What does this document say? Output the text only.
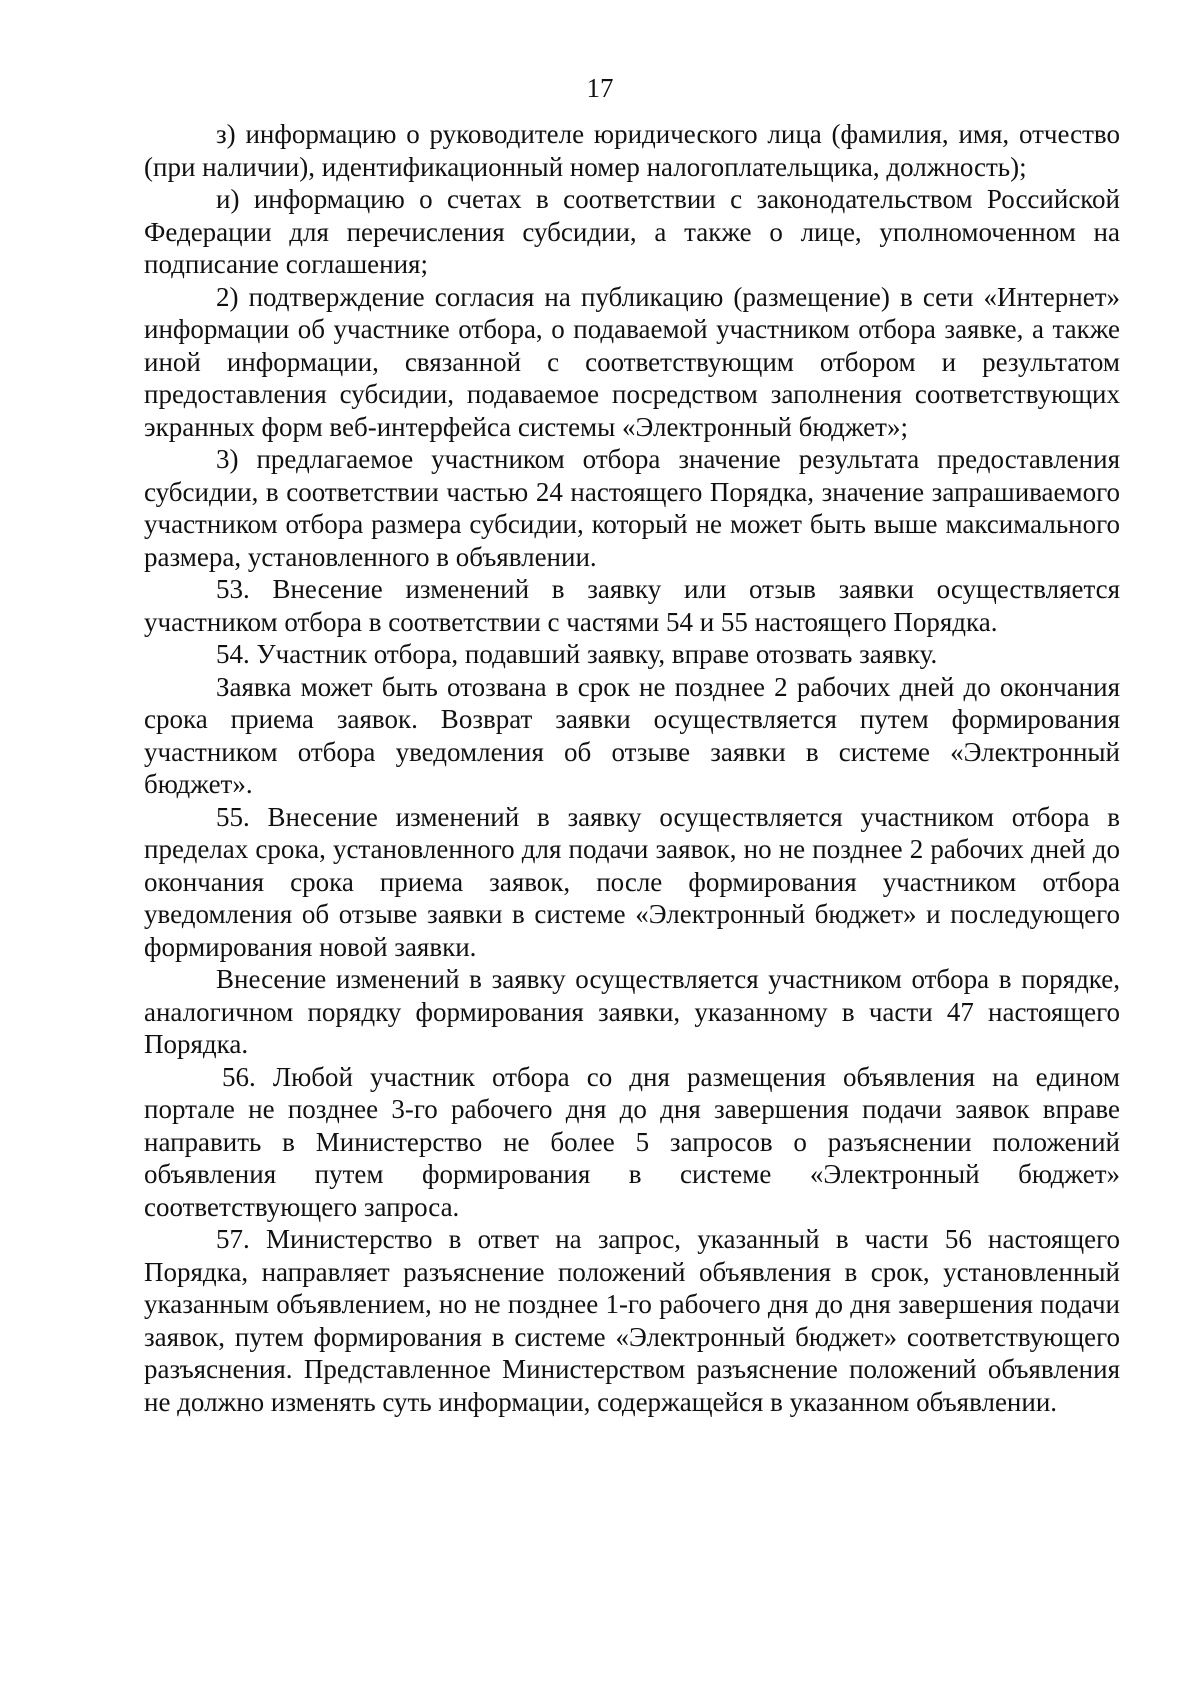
17

з) информацию о руководителе юридического лица (фамилия, имя, отчество (при наличии), идентификационный номер налогоплательщика, должность);

и) информацию о счетах в соответствии с законодательством Российской Федерации для перечисления субсидии, а также о лице, уполномоченном на подписание соглашения;

2) подтверждение согласия на публикацию (размещение) в сети «Интернет» информации об участнике отбора, о подаваемой участником отбора заявке, а также иной информации, связанной с соответствующим отбором и результатом предоставления субсидии, подаваемое посредством заполнения соответствующих экранных форм веб-интерфейса системы «Электронный бюджет»;

3) предлагаемое участником отбора значение результата предоставления субсидии, в соответствии частью 24 настоящего Порядка, значение запрашиваемого участником отбора размера субсидии, который не может быть выше максимального размера, установленного в объявлении.

53. Внесение изменений в заявку или отзыв заявки осуществляется участником отбора в соответствии с частями 54 и 55 настоящего Порядка.

54. Участник отбора, подавший заявку, вправе отозвать заявку.

Заявка может быть отозвана в срок не позднее 2 рабочих дней до окончания срока приема заявок. Возврат заявки осуществляется путем формирования участником отбора уведомления об отзыве заявки в системе «Электронный бюджет».

55. Внесение изменений в заявку осуществляется участником отбора в пределах срока, установленного для подачи заявок, но не позднее 2 рабочих дней до окончания срока приема заявок, после формирования участником отбора уведомления об отзыве заявки в системе «Электронный бюджет» и последующего формирования новой заявки.

Внесение изменений в заявку осуществляется участником отбора в порядке, аналогичном порядку формирования заявки, указанному в части 47 настоящего Порядка.

56. Любой участник отбора со дня размещения объявления на едином портале не позднее 3-го рабочего дня до дня завершения подачи заявок вправе направить в Министерство не более 5 запросов о разъяснении положений объявления путем формирования в системе «Электронный бюджет» соответствующего запроса.

57. Министерство в ответ на запрос, указанный в части 56 настоящего Порядка, направляет разъяснение положений объявления в срок, установленный указанным объявлением, но не позднее 1-го рабочего дня до дня завершения подачи заявок, путем формирования в системе «Электронный бюджет» соответствующего разъяснения. Представленное Министерством разъяснение положений объявления не должно изменять суть информации, содержащейся в указанном объявлении.
